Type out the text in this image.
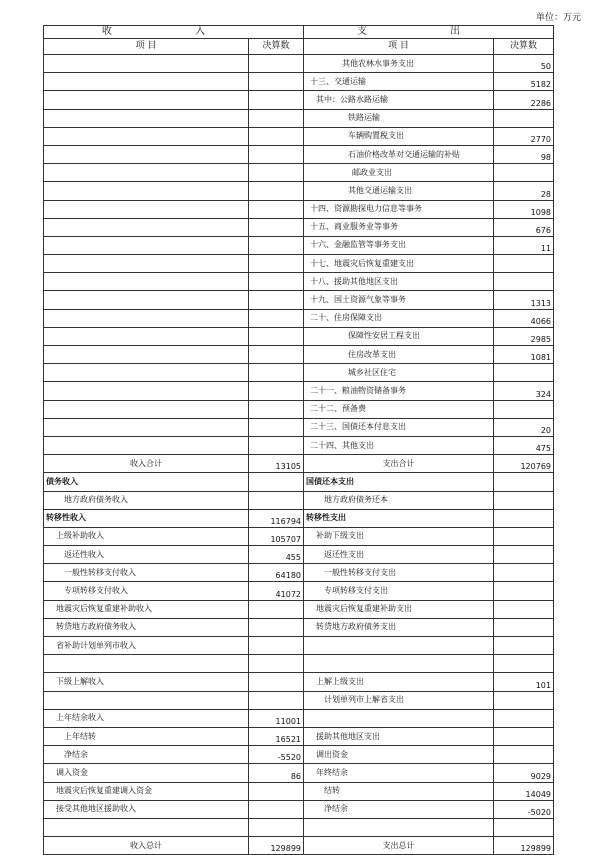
单位：万元
收 入		支 出	
项 目	决算数	项 目	决算数
		其他农林水事务支出	50
		十三、交通运输	5182
		其中：公路水路运输	2286
		铁路运输	
		车辆购置税支出	2770
		石油价格改革对交通运输的补贴	98
		邮政业支出	
		其他交通运输支出	28
		十四、资源勘探电力信息等事务	1098
		十五、商业服务业等事务	676
		十六、金融监管等事务支出	11
		十七、地震灾后恢复重建支出	
		十八、援助其他地区支出	
		十九、国土资源气象等事务	1313
		二十、住房保障支出	4066
		保障性安居工程支出	2985
		住房改革支出	1081
		城乡社区住宅	
		二十一、粮油物资储备事务	324
		二十二、预备费	
		二十三、国债还本付息支出	20
		二十四、其他支出	475
收入合计	13105	支出合计	120769
债务收入		国债还本支出	
地方政府债务收入		地方政府债务还本	
转移性收入	116794	转移性支出	
上级补助收入	105707	补助下级支出	
返还性收入	455	返还性支出	
一般性转移支付收入	64180	一般性转移支付支出	
专项转移支付收入	41072	专项转移支付支出	
地震灾后恢复重建补助收入		地震灾后恢复重建补助支出	
转贷地方政府债务收入		转贷地方政府债务支出	
省补助计划单列市收入			

下级上解收入		上解上级支出	101
		计划单列市上解省支出	
上年结余收入	11001		
上年结转	16521	援助其他地区支出	
净结余	-5520	调出资金	
调入资金	86	年终结余	9029
地震灾后恢复重建调入资金		结转	14049
接受其他地区援助收入		净结余	-5020

收入总计	129899	支出总计	129899
